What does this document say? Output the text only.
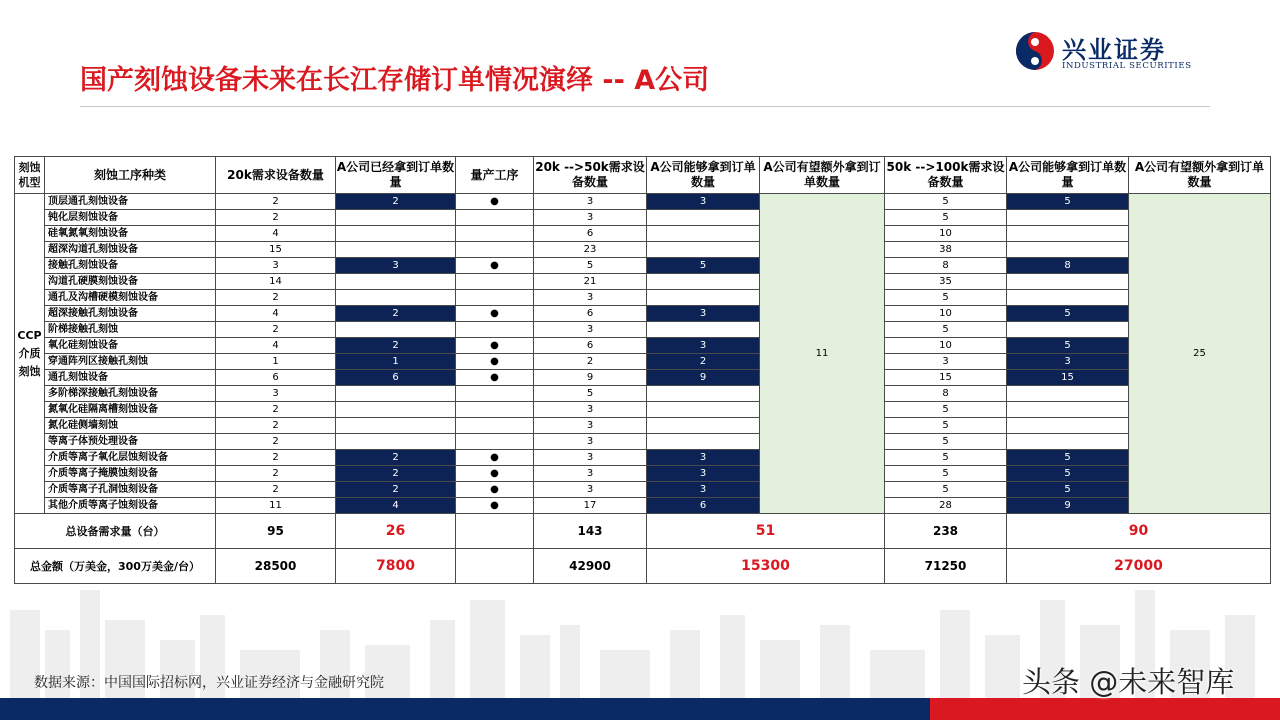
国产刻蚀设备未来在长江存储订单情况演绎 -- A公司
兴业证券
INDUSTRIAL SECURITIES
数据来源：中国国际招标网，兴业证券经济与金融研究院	头条 @未来智库
刻蚀机型	刻蚀工序种类	20k需求设备数量	A公司已经拿到订单数量	量产工序	20k -->50k需求设备数量	A公司能够拿到订单数量	A公司有望额外拿到订单数量	50k -->100k需求设备数量	A公司能够拿到订单数量	A公司有望额外拿到订单数量
CCP 介质刻蚀	顶层通孔刻蚀设备	2	2	●	3	3	11	5	5	25
	钝化层刻蚀设备	2			3			5		
	硅氧氮氧刻蚀设备	4			6			10		
	超深沟道孔刻蚀设备	15			23			38		
	接触孔刻蚀设备	3	3	●	5	5		8	8	
	沟道孔硬膜刻蚀设备	14			21			35		
	通孔及沟槽硬模刻蚀设备	2			3			5		
	超深接触孔刻蚀设备	4	2	●	6	3		10	5	
	阶梯接触孔刻蚀	2			3			5		
	氧化硅刻蚀设备	4	2	●	6	3		10	5	
	穿通阵列区接触孔刻蚀	1	1	●	2	2		3	3	
	通孔刻蚀设备	6	6	●	9	9		15	15	
	多阶梯深接触孔刻蚀设备	3			5			8		
	氮氧化硅隔离槽刻蚀设备	2			3			5		
	氮化硅侧墙刻蚀	2			3			5		
	等离子体预处理设备	2			3			5		
	介质等离子氧化层蚀刻设备	2	2	●	3	3		5	5	
	介质等离子掩膜蚀刻设备	2	2	●	3	3		5	5	
	介质等离子孔洞蚀刻设备	2	2	●	3	3		5	5	
	其他介质等离子蚀刻设备	11	4	●	17	6		28	9	
总设备需求量（台）		95	26		143	51		238	90	
总金额（万美金，300万美金/台）		28500	7800		42900	15300		71250	27000	
